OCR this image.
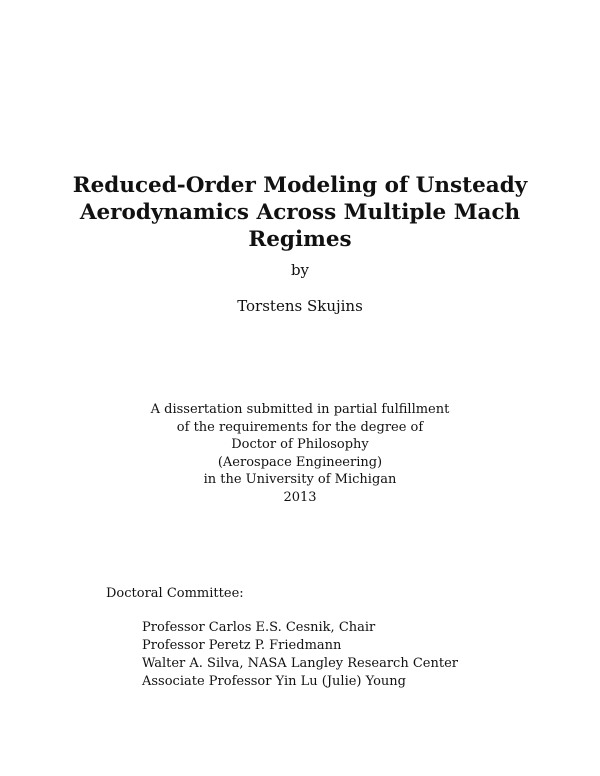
Reduced-Order Modeling of Unsteady
Aerodynamics Across Multiple Mach
Regimes
by
Torstens Skujins
A dissertation submitted in partial fulfillment
of the requirements for the degree of
Doctor of Philosophy
(Aerospace Engineering)
in the University of Michigan
2013
Doctoral Committee:
Professor Carlos E.S. Cesnik, Chair
Professor Peretz P. Friedmann
Walter A. Silva, NASA Langley Research Center
Associate Professor Yin Lu (Julie) Young
